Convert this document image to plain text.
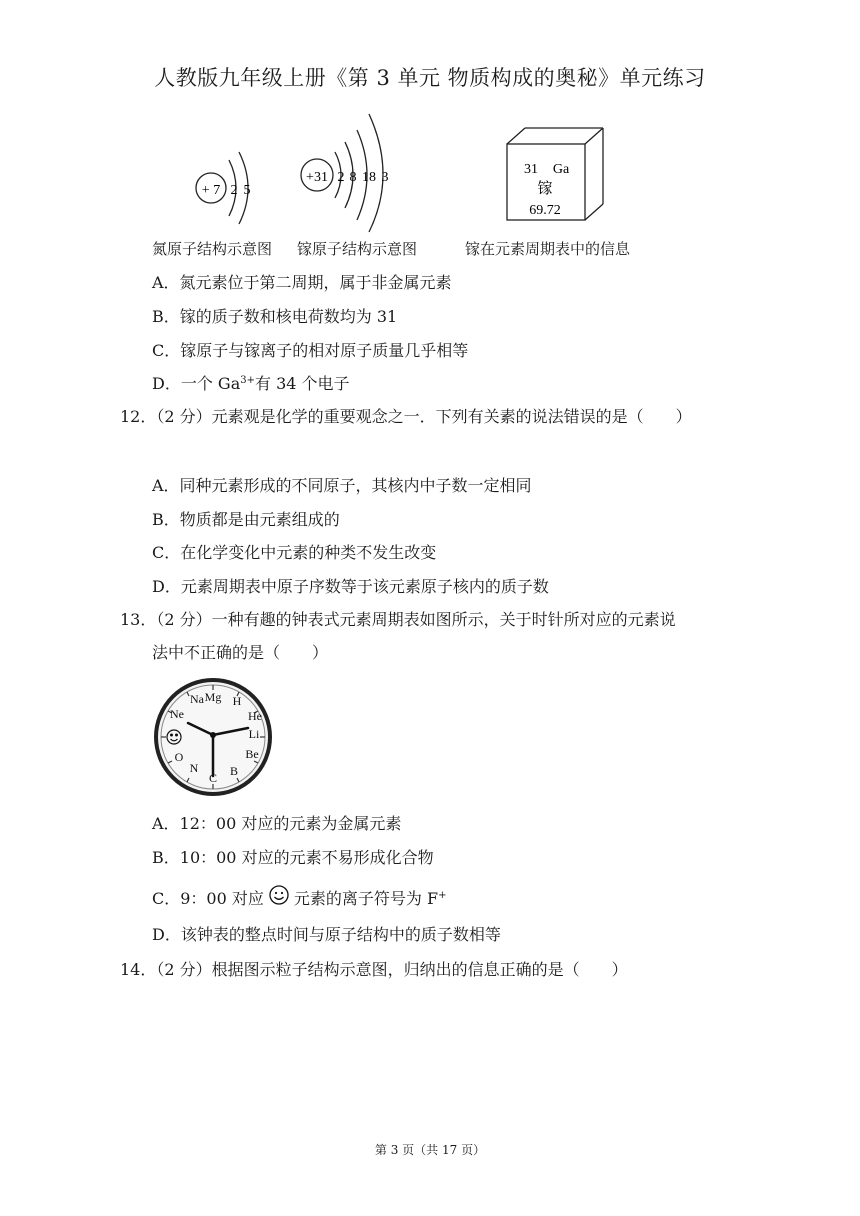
人教版九年级上册《第 3 单元 物质构成的奥秘》单元练习
+ 7 2 5
+31 2 8 18 3
31 Ga
镓
69.72
氮原子结构示意图 镓原子结构示意图	镓在元素周期表中的信息
A．氮元素位于第二周期，属于非金属元素
B．镓的质子数和核电荷数均为 31
C．镓原子与镓离子的相对原子质量几乎相等
D．一个 $Ga^{3+}$有 34 个电子
12．（2 分）元素观是化学的重要观念之一．下列有关素的说法错误的是（　　）
A．同种元素形成的不同原子，其核内中子数一定相同
B．物质都是由元素组成的
C．在化学变化中元素的种类不发生改变
D．元素周期表中原子序数等于该元素原子核内的质子数
13．（2 分）一种有趣的钟表式元素周期表如图所示，关于时针所对应的元素说
法中不正确的是（　　）
H
He
Li
Be
B
C
N
O
Ne
Na Mg
A．12：00 对应的元素为金属元素
B．10：00 对应的元素不易形成化合物
C．9：00 对应 元素的离子符号为 F+
D．该钟表的整点时间与原子结构中的质子数相等
14．（2 分）根据图示粒子结构示意图，归纳出的信息正确的是（　　）
第 3 页（共 17 页）
